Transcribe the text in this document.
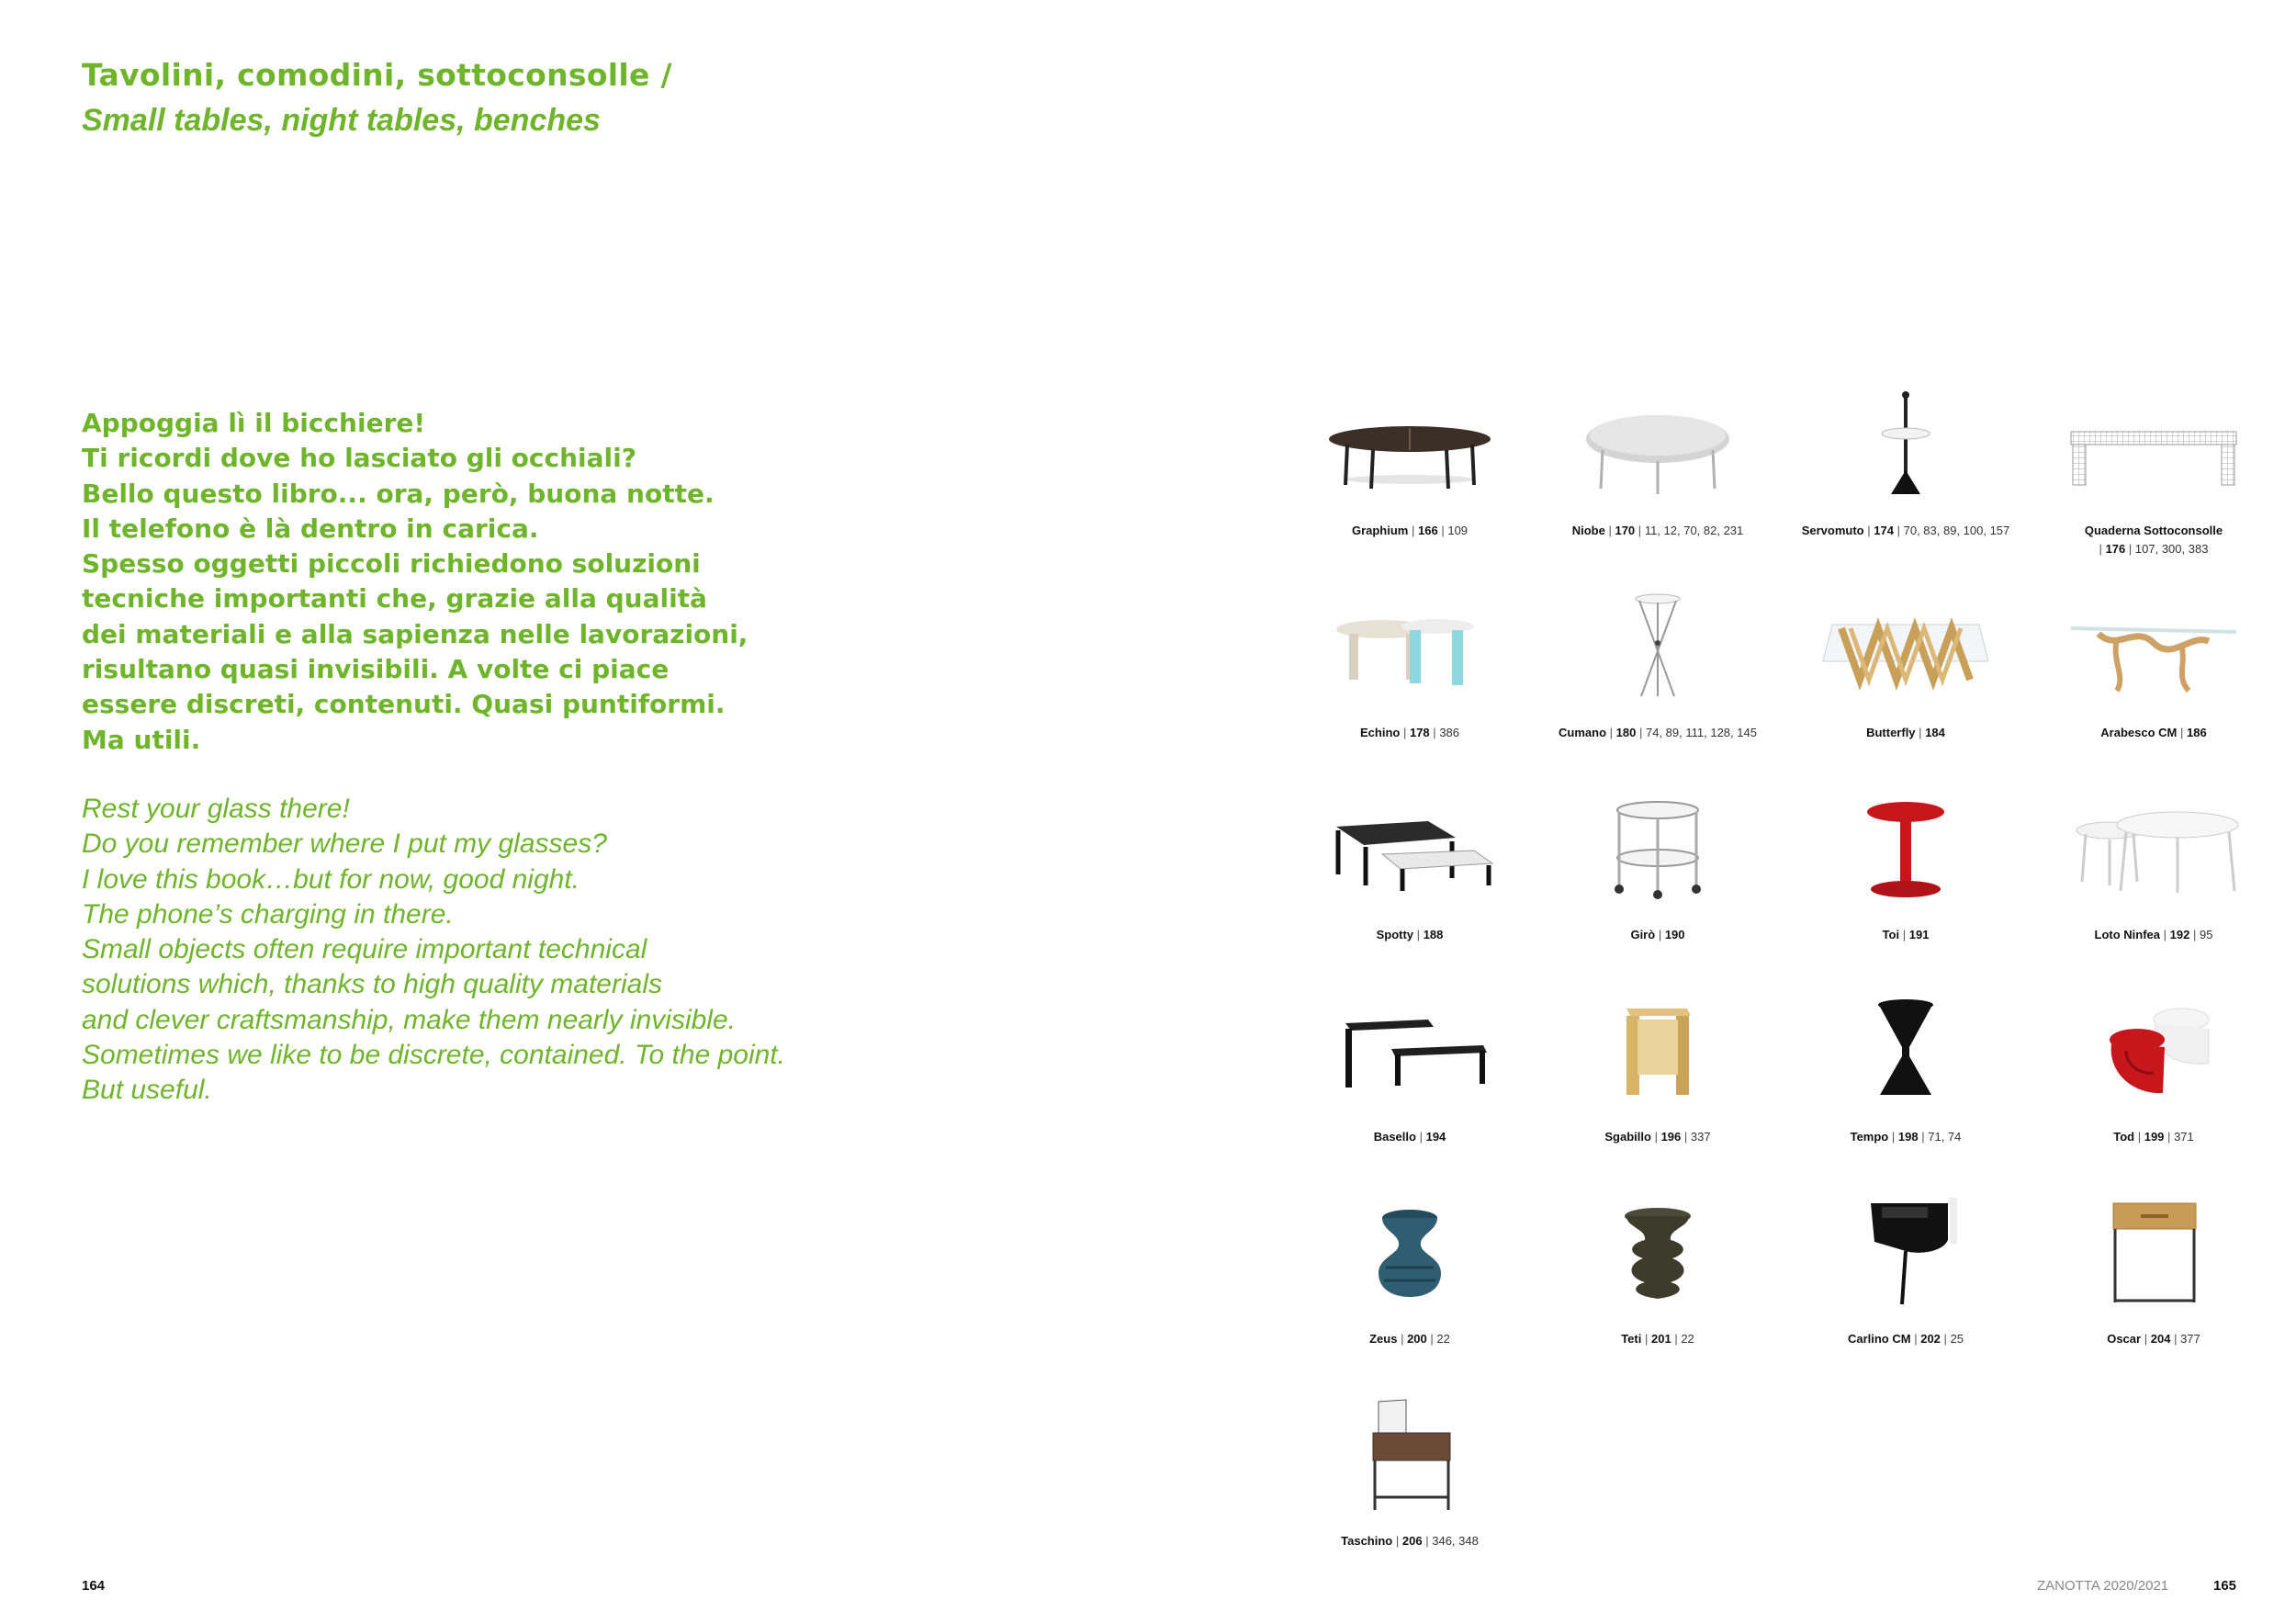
Tavolini, comodini, sottoconsolle /
Small tables, night tables, benches
Appoggia lì il bicchiere!
Ti ricordi dove ho lasciato gli occhiali?
Bello questo libro... ora, però, buona notte.
Il telefono è là dentro in carica.
Spesso oggetti piccoli richiedono soluzioni
tecniche importanti che, grazie alla qualità
dei materiali e alla sapienza nelle lavorazioni,
risultano quasi invisibili. A volte ci piace
essere discreti, contenuti. Quasi puntiformi.
Ma utili.
Rest your glass there!
Do you remember where I put my glasses?
I love this book…but for now, good night.
The phone’s charging in there.
Small objects often require important technical
solutions which, thanks to high quality materials
and clever craftsmanship, make them nearly invisible.
Sometimes we like to be discrete, contained. To the point.
But useful.
Graphium | 166 | 109	Niobe | 170 | 11, 12, 70, 82, 231	Servomuto | 174 | 70, 83, 89, 100, 157	Quaderna Sottoconsolle
| 176 | 107, 300, 383
Echino | 178 | 386	Cumano | 180 | 74, 89, 111, 128, 145	Butterfly | 184	Arabesco CM | 186
Spotty | 188	Girò | 190	Toi | 191	Loto Ninfea | 192 | 95
Basello | 194	Sgabillo | 196 | 337	Tempo | 198 | 71, 74	Tod | 199 | 371
Zeus | 200 | 22	Teti | 201 | 22	Carlino CM | 202 | 25	Oscar | 204 | 377
Taschino | 206 | 346, 348
164	ZANOTTA 2020/2021	165
